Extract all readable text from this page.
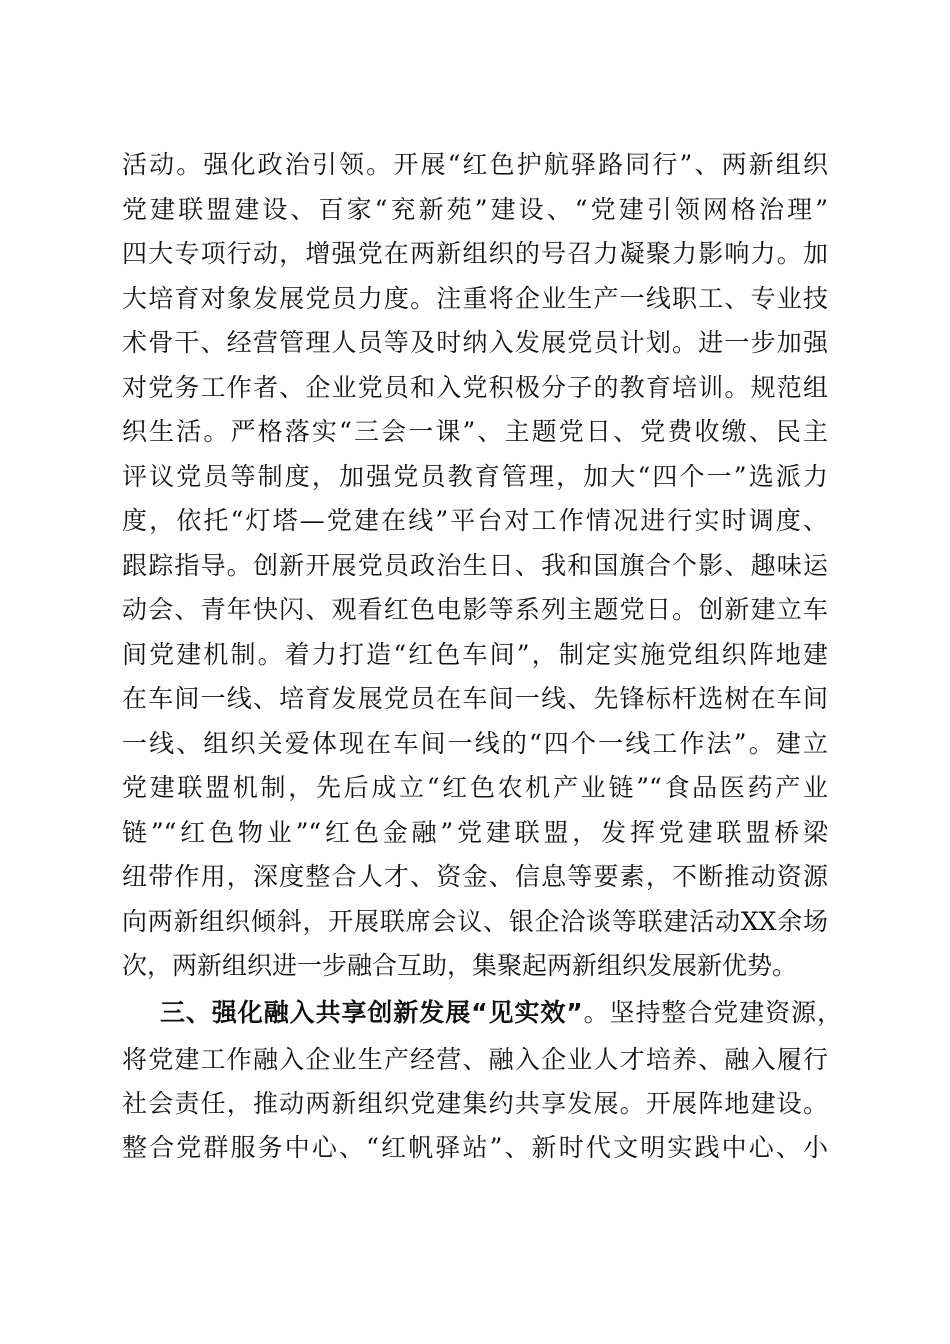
活动。强化政治引领。开展“红色护航驿路同行”、两新组织
党建联盟建设、百家“兖新苑”建设、“党建引领网格治理”
四大专项行动，增强党在两新组织的号召力凝聚力影响力。加
大培育对象发展党员力度。注重将企业生产一线职工、专业技
术骨干、经营管理人员等及时纳入发展党员计划。进一步加强
对党务工作者、企业党员和入党积极分子的教育培训。规范组
织生活。严格落实“三会一课”、主题党日、党费收缴、民主
评议党员等制度，加强党员教育管理，加大“四个一”选派力
度，依托“灯塔—党建在线”平台对工作情况进行实时调度、
跟踪指导。创新开展党员政治生日、我和国旗合个影、趣味运
动会、青年快闪、观看红色电影等系列主题党日。创新建立车
间党建机制。着力打造“红色车间”，制定实施党组织阵地建
在车间一线、培育发展党员在车间一线、先锋标杆选树在车间
一线、组织关爱体现在车间一线的“四个一线工作法”。建立
党建联盟机制，先后成立“红色农机产业链”“食品医药产业
链”“红色物业”“红色金融”党建联盟，发挥党建联盟桥梁
纽带作用，深度整合人才、资金、信息等要素，不断推动资源
向两新组织倾斜，开展联席会议、银企洽谈等联建活动XX余场
次，两新组织进一步融合互助，集聚起两新组织发展新优势。
三、强化融入共享创新发展“见实效”。坚持整合党建资源，
将党建工作融入企业生产经营、融入企业人才培养、融入履行
社会责任，推动两新组织党建集约共享发展。开展阵地建设。
整合党群服务中心、“红帆驿站”、新时代文明实践中心、小
